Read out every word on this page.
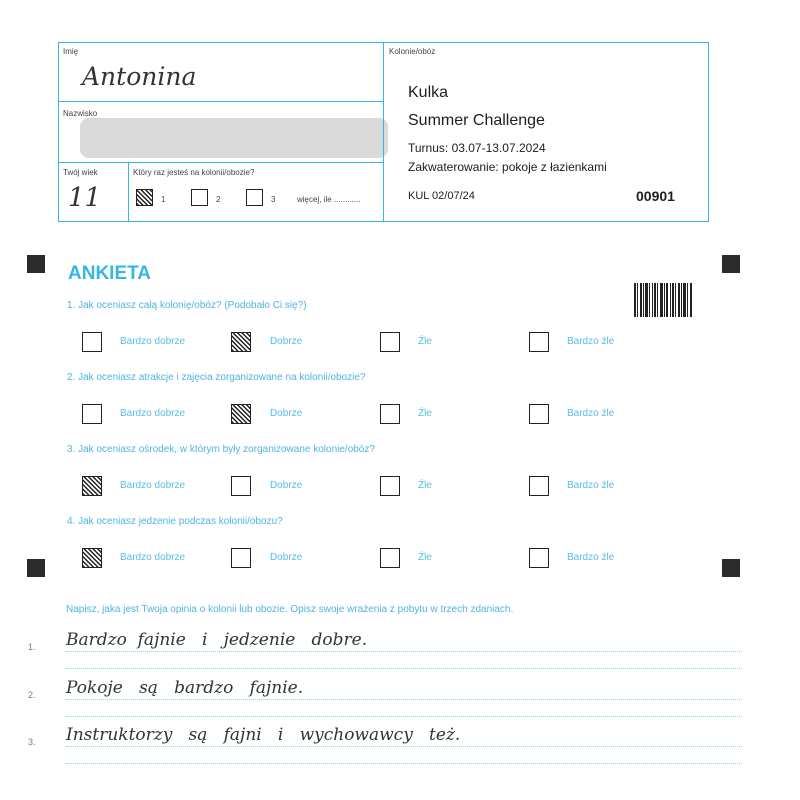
Imię
Antonina
Nazwisko
Twój wiek
11
Który raz jesteś na kolonii/obozie?
1	2	3	więcej, ile ............
Kolonie/obóz
Kulka
Summer Challenge
Turnus: 03.07-13.07.2024
Zakwaterowanie: pokoje z łazienkami
KUL 02/07/24	00901
ANKIETA
1. Jak oceniasz całą kolonię/obóz? (Podobało Ci się?)
Bardzo dobrze	Dobrze	Źle	Bardzo źle
2. Jak oceniasz atrakcje i zajęcia zorganizowane na kolonii/obozie?
Bardzo dobrze	Dobrze	Źle	Bardzo źle
3. Jak oceniasz ośrodek, w którym były zorganizowane kolonie/obóz?
Bardzo dobrze	Dobrze	Źle	Bardzo źle
4. Jak oceniasz jedzenie podczas kolonii/obozu?
Bardzo dobrze	Dobrze	Źle	Bardzo źle
Napisz, jaka jest Twoja opinia o kolonii lub obozie. Opisz swoje wrażenia z pobytu w trzech zdaniach.
1. Bardzo  fajnie   i   jedzenie   dobre.
2. Pokoje   są   bardzo   fajnie.
3. Instruktorzy   są   fajni   i   wychowawcy   też.
